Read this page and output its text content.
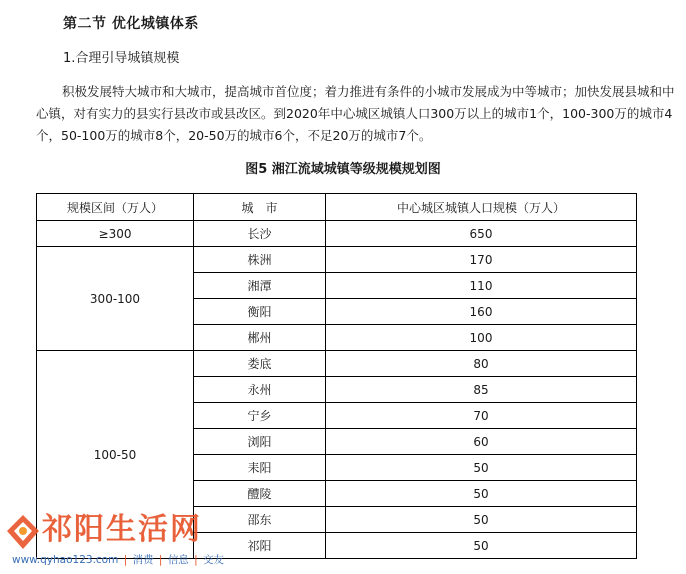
第二节 优化城镇体系
1.合理引导城镇规模

积极发展特大城市和大城市，提高城市首位度；着力推进有条件的小城市发展成为中等城市；加快发展县城和中心镇，对有实力的县实行县改市或县改区。到2020年中心城区城镇人口300万以上的城市1个，100-300万的城市4个，50-100万的城市8个，20-50万的城市6个，不足20万的城市7个。

图5 湘江流域城镇等级规模规划图
规模区间（万人）	城　市	中心城区城镇人口规模（万人）
≥300	长沙	650
300-100	株洲	170
	湘潭	110
	衡阳	160
	郴州	100
100-50	娄底	80
	永州	85
	宁乡	70
	浏阳	60
	耒阳	50
	醴陵	50
	邵东	50
	祁阳	50
祁阳生活网
www.qyhao123.com | 消费 | 信息 | 交友
